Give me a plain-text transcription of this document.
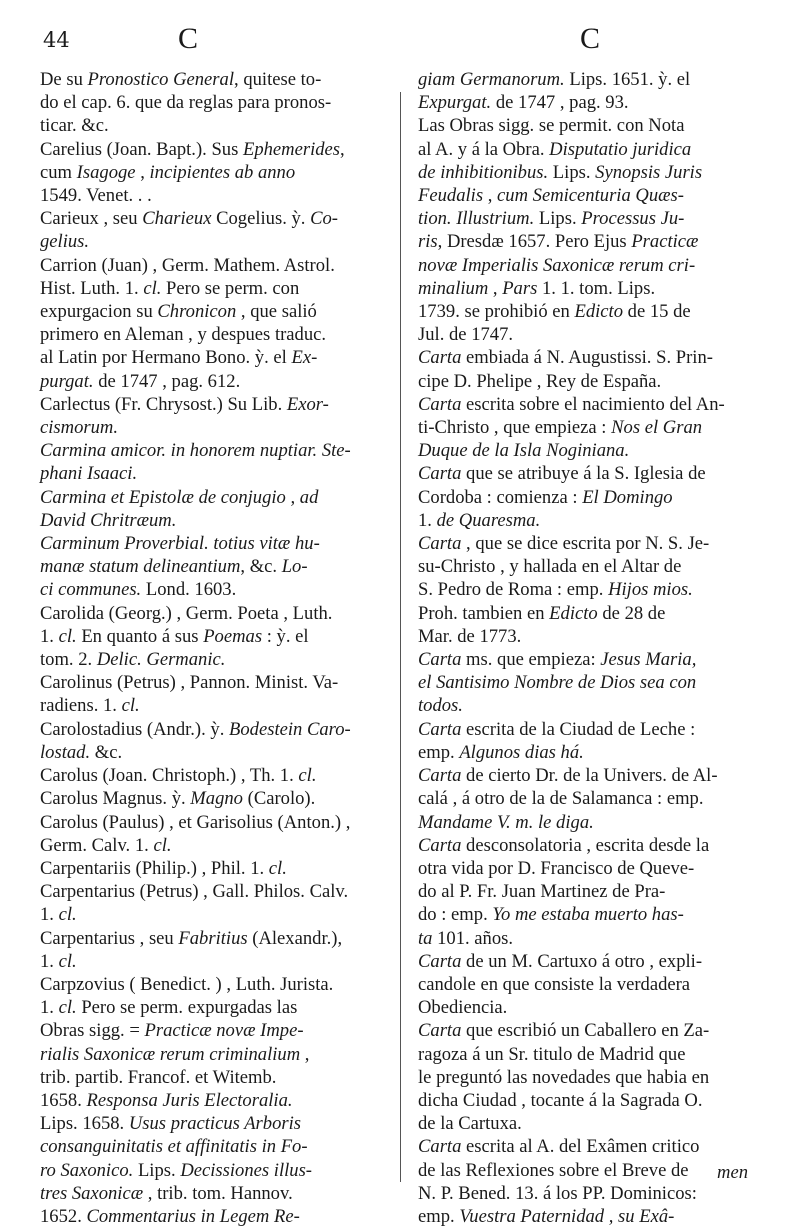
44	C	C
De su Pronostico General, quitese to-
do el cap. 6. que da reglas para pronos-
ticar. &c.
Carelius (Joan. Bapt.). Sus Ephemerides,
cum Isagoge , incipientes ab anno
1549. Venet. . .
Carieux , seu Charieux Cogelius. ỳ. Co-
gelius.
Carrion (Juan) , Germ. Mathem. Astrol.
Hist. Luth. 1. cl. Pero se perm. con
expurgacion su Chronicon , que salió
primero en Aleman , y despues traduc.
al Latin por Hermano Bono. ỳ. el Ex-
purgat. de 1747 , pag. 612.
Carlectus (Fr. Chrysost.) Su Lib. Exor-
cismorum.
Carmina amicor. in honorem nuptiar. Ste-
phani Isaaci.
Carmina et Epistolæ de conjugio , ad
David Chritræum.
Carminum Proverbial. totius vitæ hu-
manæ statum delineantium, &c. Lo-
ci communes. Lond. 1603.
Carolida (Georg.) , Germ. Poeta , Luth.
1. cl. En quanto á sus Poemas : ỳ. el
tom. 2. Delic. Germanic.
Carolinus (Petrus) , Pannon. Minist. Va-
radiens. 1. cl.
Carolostadius (Andr.). ỳ. Bodestein Caro-
lostad. &c.
Carolus (Joan. Christoph.) , Th. 1. cl.
Carolus Magnus. ỳ. Magno (Carolo).
Carolus (Paulus) , et Garisolius (Anton.) ,
Germ. Calv. 1. cl.
Carpentariis (Philip.) , Phil. 1. cl.
Carpentarius (Petrus) , Gall. Philos. Calv.
1. cl.
Carpentarius , seu Fabritius (Alexandr.),
1. cl.
Carpzovius ( Benedict. ) , Luth. Jurista.
1. cl. Pero se perm. expurgadas las
Obras sigg. = Practicæ novæ Impe-
rialis Saxonicæ rerum criminalium ,
trib. partib. Francof. et Witemb.
1658. Responsa Juris Electoralia.
Lips. 1658. Usus practicus Arboris
consanguinitatis et affinitatis in Fo-
ro Saxonico. Lips. Decissiones illus-
tres Saxonicæ , trib. tom. Hannov.
1652. Commentarius in Legem Re-
giam Germanorum. Lips. 1651. ỳ. el
Expurgat. de 1747 , pag. 93.
Las Obras sigg. se permit. con Nota
al A. y á la Obra. Disputatio juridica
de inhibitionibus. Lips. Synopsis Juris
Feudalis , cum Semicenturia Quæs-
tion. Illustrium. Lips. Processus Ju-
ris, Dresdæ 1657. Pero Ejus Practicæ
novæ Imperialis Saxonicæ rerum cri-
minalium , Pars 1. 1. tom. Lips.
1739. se prohibió en Edicto de 15 de
Jul. de 1747.
Carta embiada á N. Augustissi. S. Prin-
cipe D. Phelipe , Rey de España.
Carta escrita sobre el nacimiento del An-
ti-Christo , que empieza : Nos el Gran
Duque de la Isla Noginiana.
Carta que se atribuye á la S. Iglesia de
Cordoba : comienza : El Domingo
1. de Quaresma.
Carta , que se dice escrita por N. S. Je-
su-Christo , y hallada en el Altar de
S. Pedro de Roma : emp. Hijos mios.
Proh. tambien en Edicto de 28 de
Mar. de 1773.
Carta ms. que empieza: Jesus Maria,
el Santisimo Nombre de Dios sea con
todos.
Carta escrita de la Ciudad de Leche :
emp. Algunos dias há.
Carta de cierto Dr. de la Univers. de Al-
calá , á otro de la de Salamanca : emp.
Mandame V. m. le diga.
Carta desconsolatoria , escrita desde la
otra vida por D. Francisco de Queve-
do al P. Fr. Juan Martinez de Pra-
do : emp. Yo me estaba muerto has-
ta 101. años.
Carta de un M. Cartuxo á otro , expli-
candole en que consiste la verdadera
Obediencia.
Carta que escribió un Caballero en Za-
ragoza á un Sr. titulo de Madrid que
le preguntó las novedades que habia en
dicha Ciudad , tocante á la Sagrada O.
de la Cartuxa.
Carta escrita al A. del Exâmen critico
de las Reflexiones sobre el Breve de
N. P. Bened. 13. á los PP. Dominicos:
emp. Vuestra Paternidad , su Exâ-
men
